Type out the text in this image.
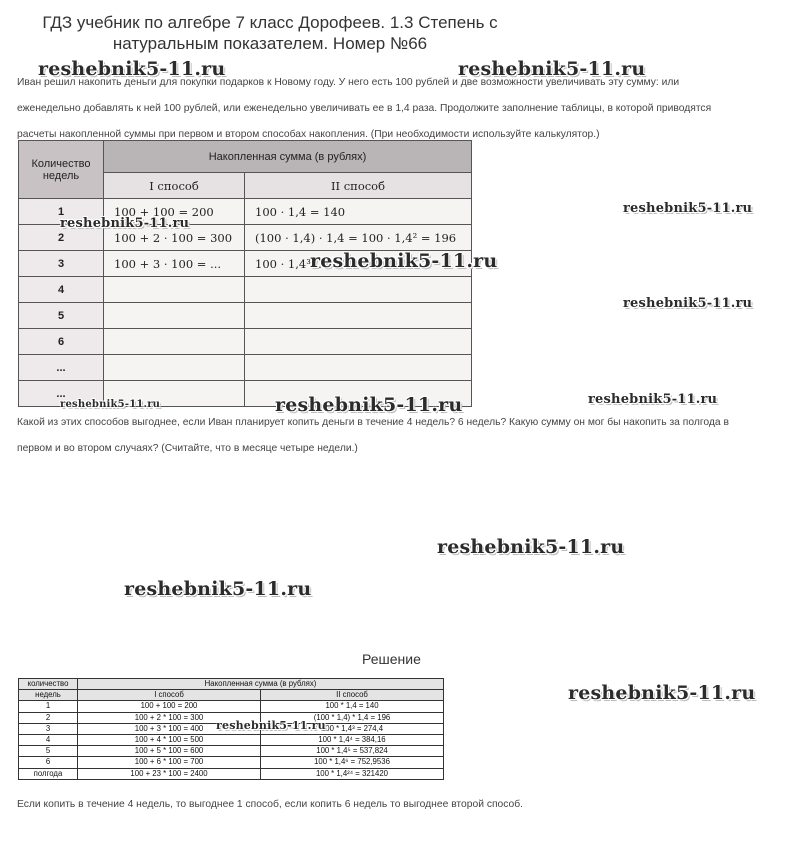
ГДЗ учебник по алгебре 7 класс Дорофеев. 1.3 Степень с
натуральным показателем. Номер №66
Иван решил накопить деньги для покупки подарков к Новому году. У него есть 100 рублей и две возможности увеличивать эту сумму: или
еженедельно добавлять к ней 100 рублей, или еженедельно увеличивать ее в 1,4 раза. Продолжите заполнение таблицы, в которой приводятся
расчеты накопленной суммы при первом и втором способах накопления. (При необходимости используйте калькулятор.)
Количество недель	Накопленная сумма (в рублях)	
	I способ	II способ
1	100 + 100 = 200	100 · 1,4 = 140
2	100 + 2 · 100 = 300	(100 · 1,4) · 1,4 = 100 · 1,4² = 196
3	100 + 3 · 100 = ...	100 · 1,4³ ...
4		
5		
6		
...		
...		
Какой из этих способов выгоднее, если Иван планирует копить деньги в течение 4 недель? 6 недель? Какую сумму он мог бы накопить за полгода в
первом и во втором случаях? (Считайте, что в месяце четыре недели.)
Решение
количество	Накопленная сумма (в рублях)	
недель	I способ	II способ
1	100 + 100 = 200	100 * 1,4 = 140
2	100 + 2 * 100 = 300	(100 * 1,4) * 1,4 = 196
3	100 + 3 * 100 = 400	100 * 1,4³ = 274,4
4	100 + 4 * 100 = 500	100 * 1,4⁴ = 384,16
5	100 + 5 * 100 = 600	100 * 1,4⁵ = 537,824
6	100 + 6 * 100 = 700	100 * 1,4⁶ = 752,9536
полгода	100 + 23 * 100 = 2400	100 * 1,4²⁴ = 321420
Если копить в течение 4 недель, то выгоднее 1 способ, если копить 6 недель то выгоднее второй способ.
reshebnik5-11.ru	reshebnik5-11.ru
reshebnik5-11.ru
reshebnik5-11.ru
reshebnik5-11.ru
reshebnik5-11.ru
reshebnik5-11.ru
reshebnik5-11.ru	reshebnik5-11.ru
reshebnik5-11.ru
reshebnik5-11.ru
reshebnik5-11.ru
reshebnik5-11.ru
